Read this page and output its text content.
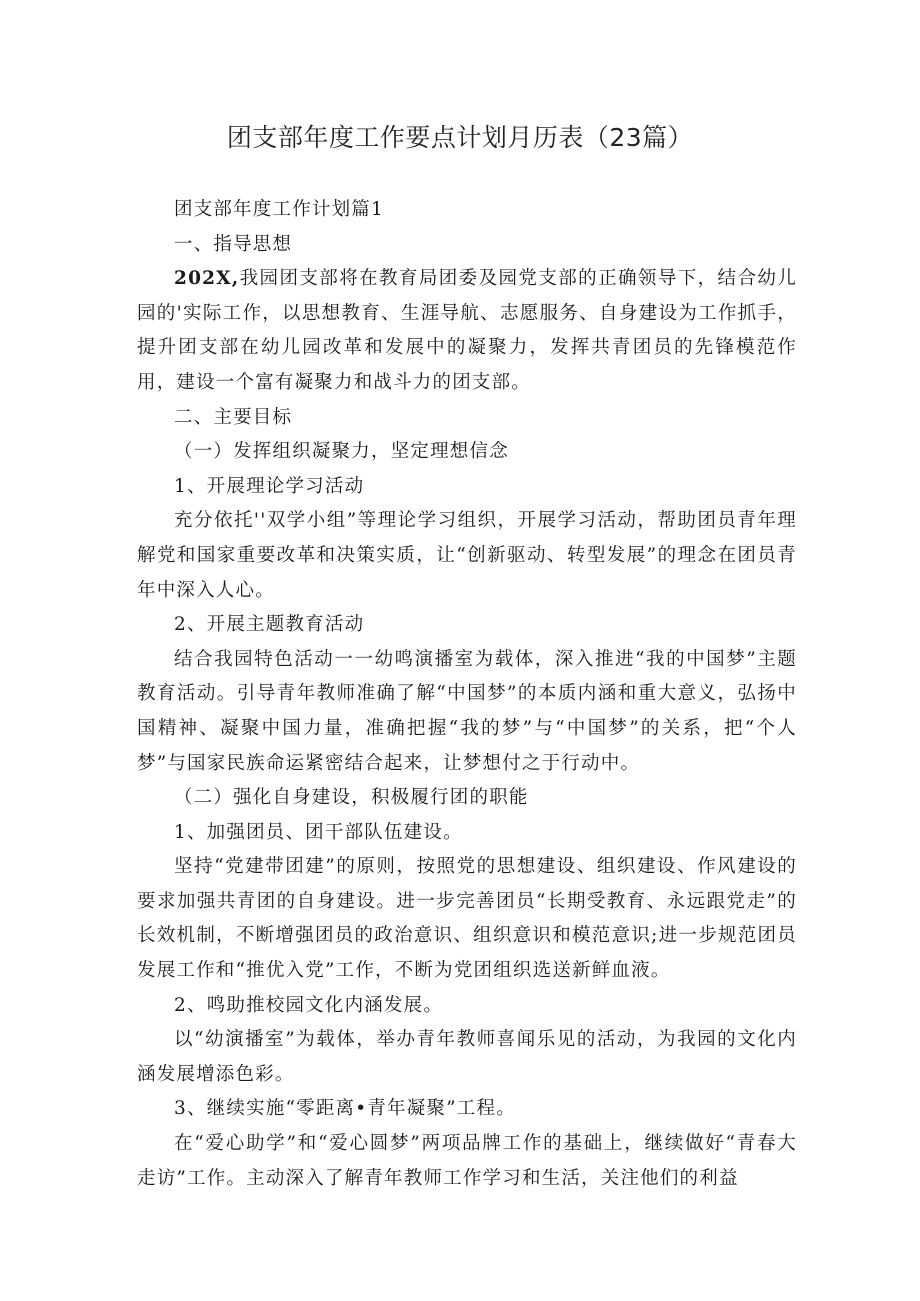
团支部年度工作要点计划月历表（23篇）

团支部年度工作计划篇1

一、指导思想

202X,我园团支部将在教育局团委及园党支部的正确领导下，结合幼儿园的'实际工作，以思想教育、生涯导航、志愿服务、自身建设为工作抓手，提升团支部在幼儿园改革和发展中的凝聚力，发挥共青团员的先锋模范作用，建设一个富有凝聚力和战斗力的团支部。

二、主要目标

（一）发挥组织凝聚力，坚定理想信念

1、开展理论学习活动

充分依托''双学小组”等理论学习组织，开展学习活动，帮助团员青年理解党和国家重要改革和决策实质，让“创新驱动、转型发展”的理念在团员青年中深入人心。

2、开展主题教育活动

结合我园特色活动一一幼鸣演播室为载体，深入推进“我的中国梦”主题教育活动。引导青年教师准确了解“中国梦”的本质内涵和重大意义，弘扬中国精神、凝聚中国力量，准确把握“我的梦”与“中国梦”的关系，把“个人梦”与国家民族命运紧密结合起来，让梦想付之于行动中。

（二）强化自身建设，积极履行团的职能

1、加强团员、团干部队伍建设。

坚持“党建带团建”的原则，按照党的思想建设、组织建设、作风建设的要求加强共青团的自身建设。进一步完善团员“长期受教育、永远跟党走”的长效机制，不断增强团员的政治意识、组织意识和模范意识;进一步规范团员发展工作和“推优入党”工作，不断为党团组织选送新鲜血液。

2、鸣助推校园文化内涵发展。

以“幼演播室”为载体，举办青年教师喜闻乐见的活动，为我园的文化内涵发展增添色彩。

3、继续实施“零距离•青年凝聚”工程。

在“爱心助学”和“爱心圆梦”两项品牌工作的基础上，继续做好“青春大走访”工作。主动深入了解青年教师工作学习和生活，关注他们的利益
